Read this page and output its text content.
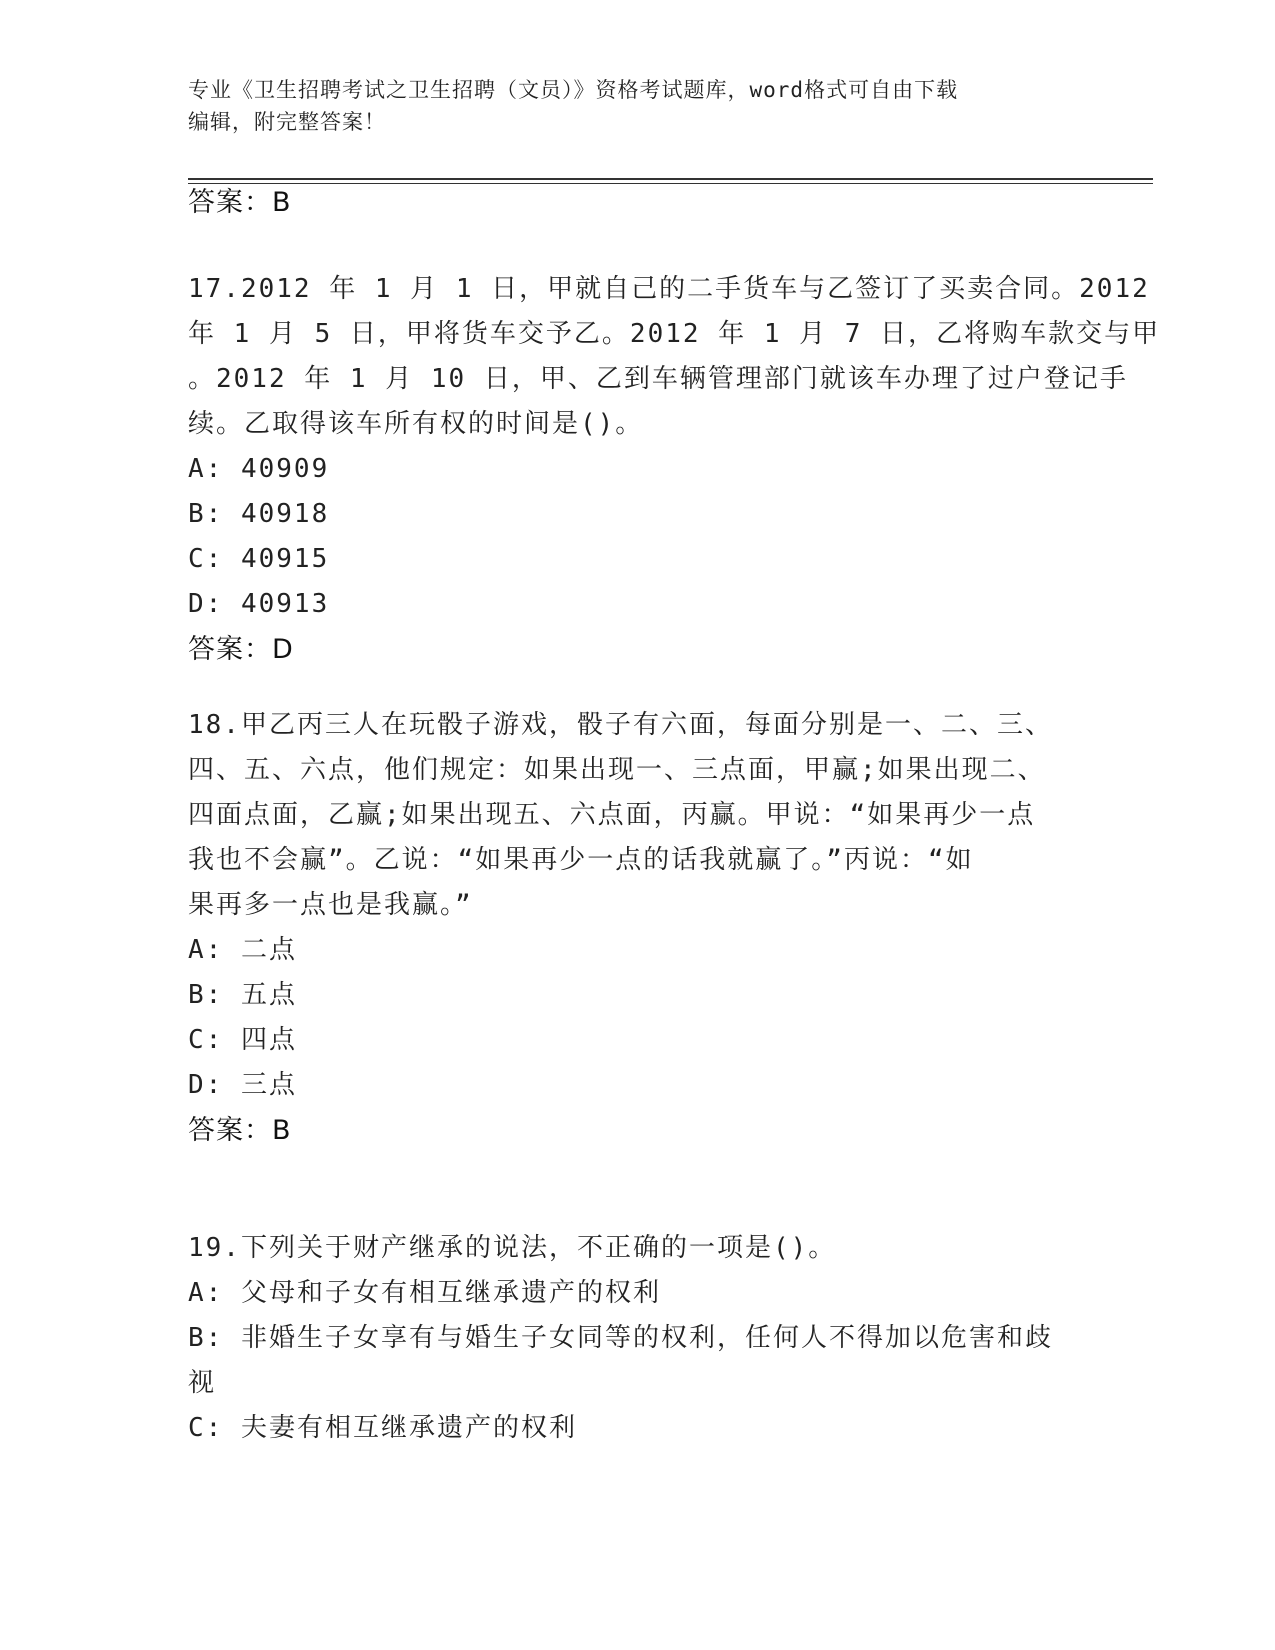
专业《卫生招聘考试之卫生招聘（文员）》资格考试题库，word格式可自由下载
编辑，附完整答案！
答案：B
17.2012 年 1 月 1 日，甲就自己的二手货车与乙签订了买卖合同。2012
年 1 月 5 日，甲将货车交予乙。2012 年 1 月 7 日，乙将购车款交与甲
。2012 年 1 月 10 日，甲、乙到车辆管理部门就该车办理了过户登记手
续。乙取得该车所有权的时间是()。
A: 40909
B: 40918
C: 40915
D: 40913
答案：D
18.甲乙丙三人在玩骰子游戏，骰子有六面，每面分别是一、二、三、
四、五、六点，他们规定：如果出现一、三点面，甲赢;如果出现二、
四面点面，乙赢;如果出现五、六点面，丙赢。甲说：“如果再少一点
我也不会赢”。乙说：“如果再少一点的话我就赢了。”丙说：“如
果再多一点也是我赢。”
A: 二点
B: 五点
C: 四点
D: 三点
答案：B
19.下列关于财产继承的说法，不正确的一项是()。
A: 父母和子女有相互继承遗产的权利
B: 非婚生子女享有与婚生子女同等的权利，任何人不得加以危害和歧
视
C: 夫妻有相互继承遗产的权利
